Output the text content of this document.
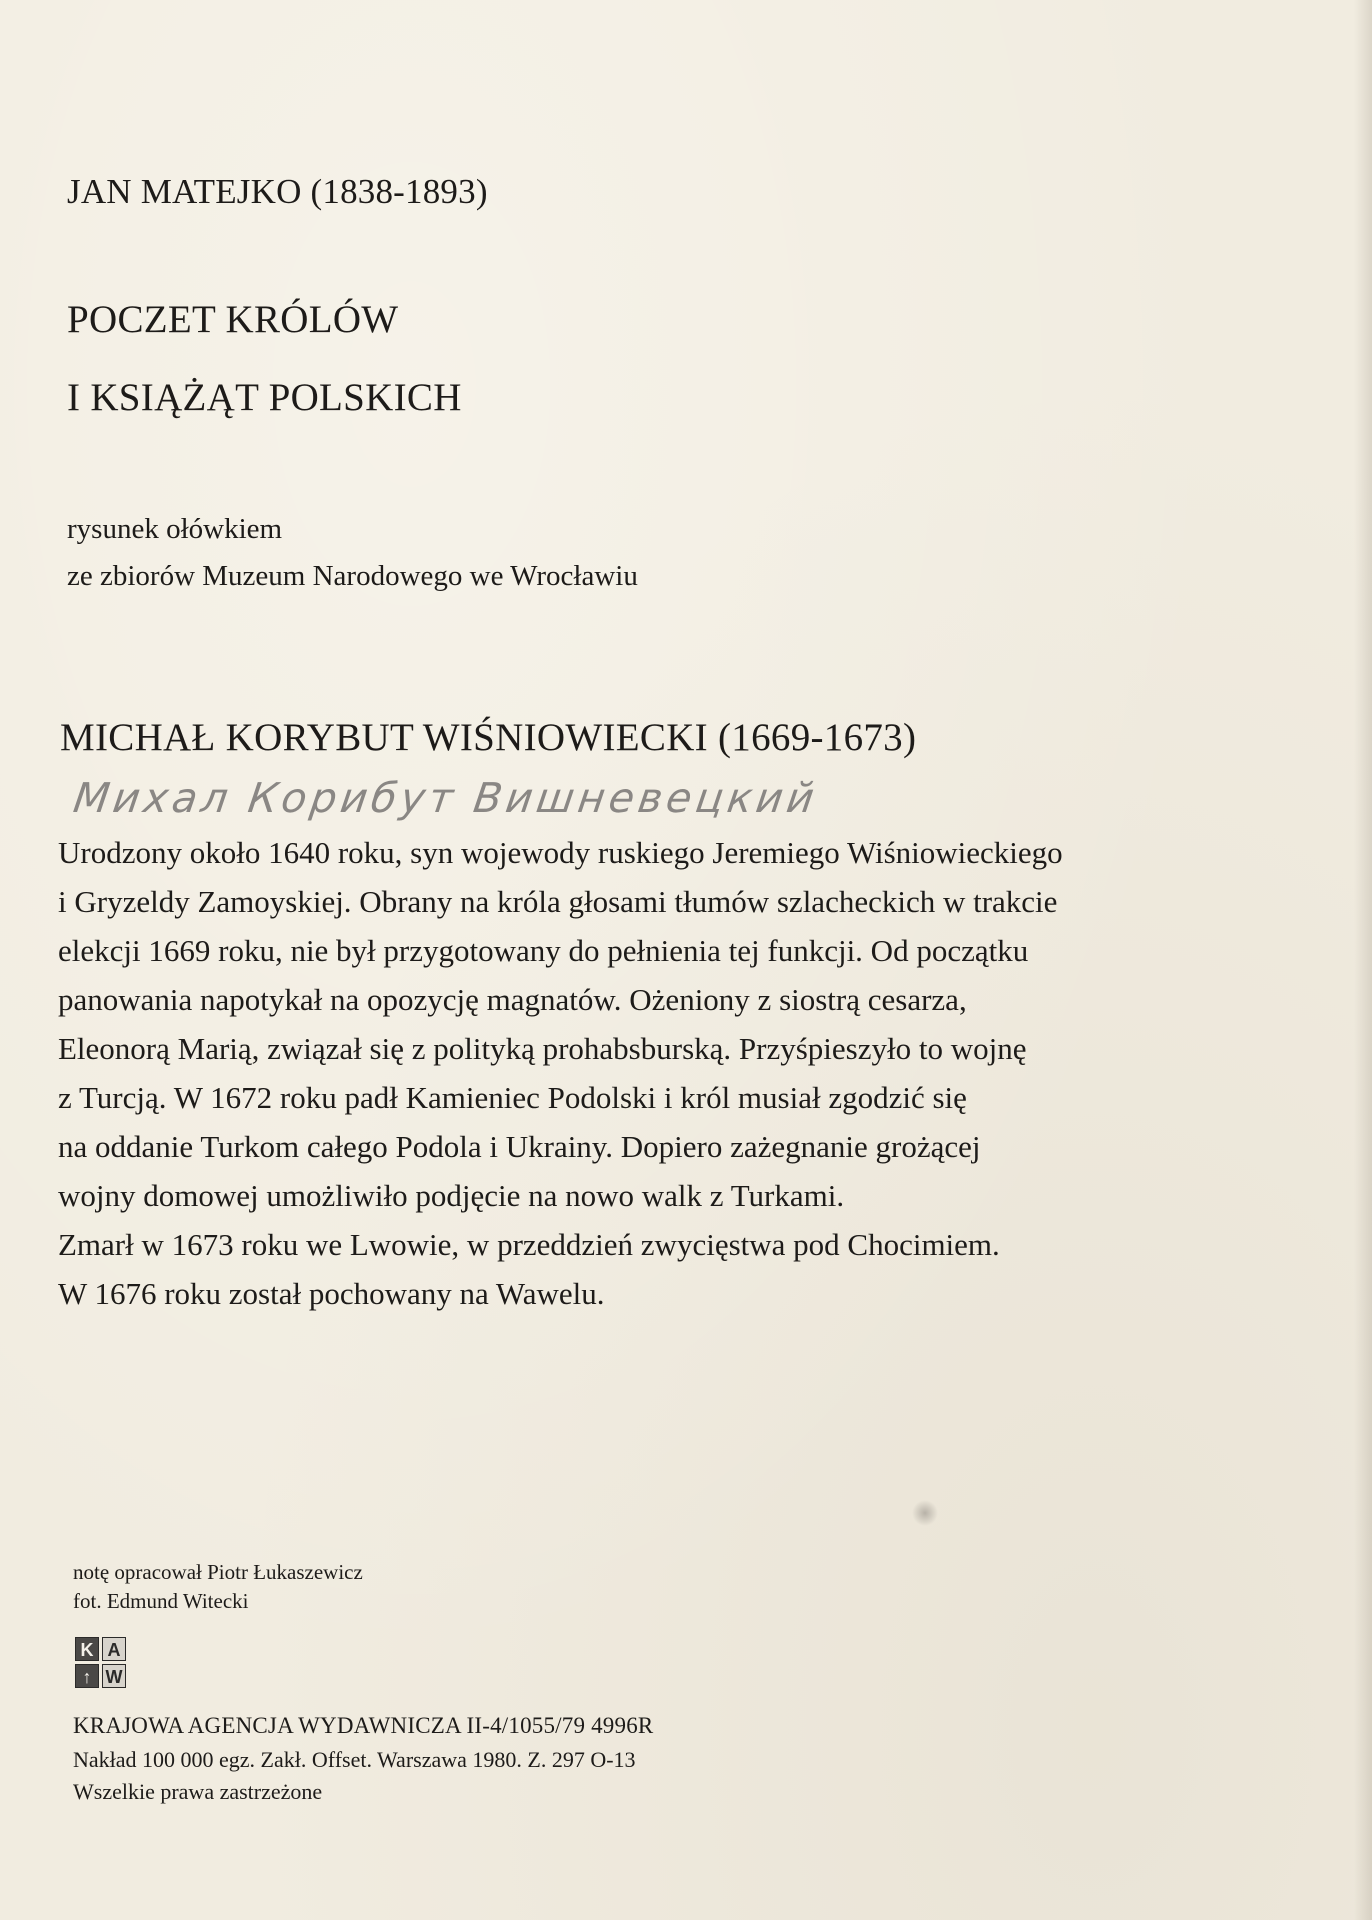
JAN MATEJKO (1838-1893)
POCZET KRÓLÓW
I KSIĄŻĄT POLSKICH
rysunek ołówkiem
ze zbiorów Muzeum Narodowego we Wrocławiu
MICHAŁ KORYBUT WIŚNIOWIECKI (1669-1673)
Михал Корибут Вишневецкий
Urodzony około 1640 roku, syn wojewody ruskiego Jeremiego Wiśniowieckiego
i Gryzeldy Zamoyskiej. Obrany na króla głosami tłumów szlacheckich w trakcie
elekcji 1669 roku, nie był przygotowany do pełnienia tej funkcji. Od początku
panowania napotykał na opozycję magnatów. Ożeniony z siostrą cesarza,
Eleonorą Marią, związał się z polityką prohabsburską. Przyśpieszyło to wojnę
z Turcją. W 1672 roku padł Kamieniec Podolski i król musiał zgodzić się
na oddanie Turkom całego Podola i Ukrainy. Dopiero zażegnanie grożącej
wojny domowej umożliwiło podjęcie na nowo walk z Turkami.
Zmarł w 1673 roku we Lwowie, w przeddzień zwycięstwa pod Chocimiem.
W 1676 roku został pochowany na Wawelu.
notę opracował Piotr Łukaszewicz
fot. Edmund Witecki
K A
↑ W
KRAJOWA AGENCJA WYDAWNICZA II-4/1055/79 4996R
Nakład 100 000 egz. Zakł. Offset. Warszawa 1980. Z. 297 O-13
Wszelkie prawa zastrzeżone
